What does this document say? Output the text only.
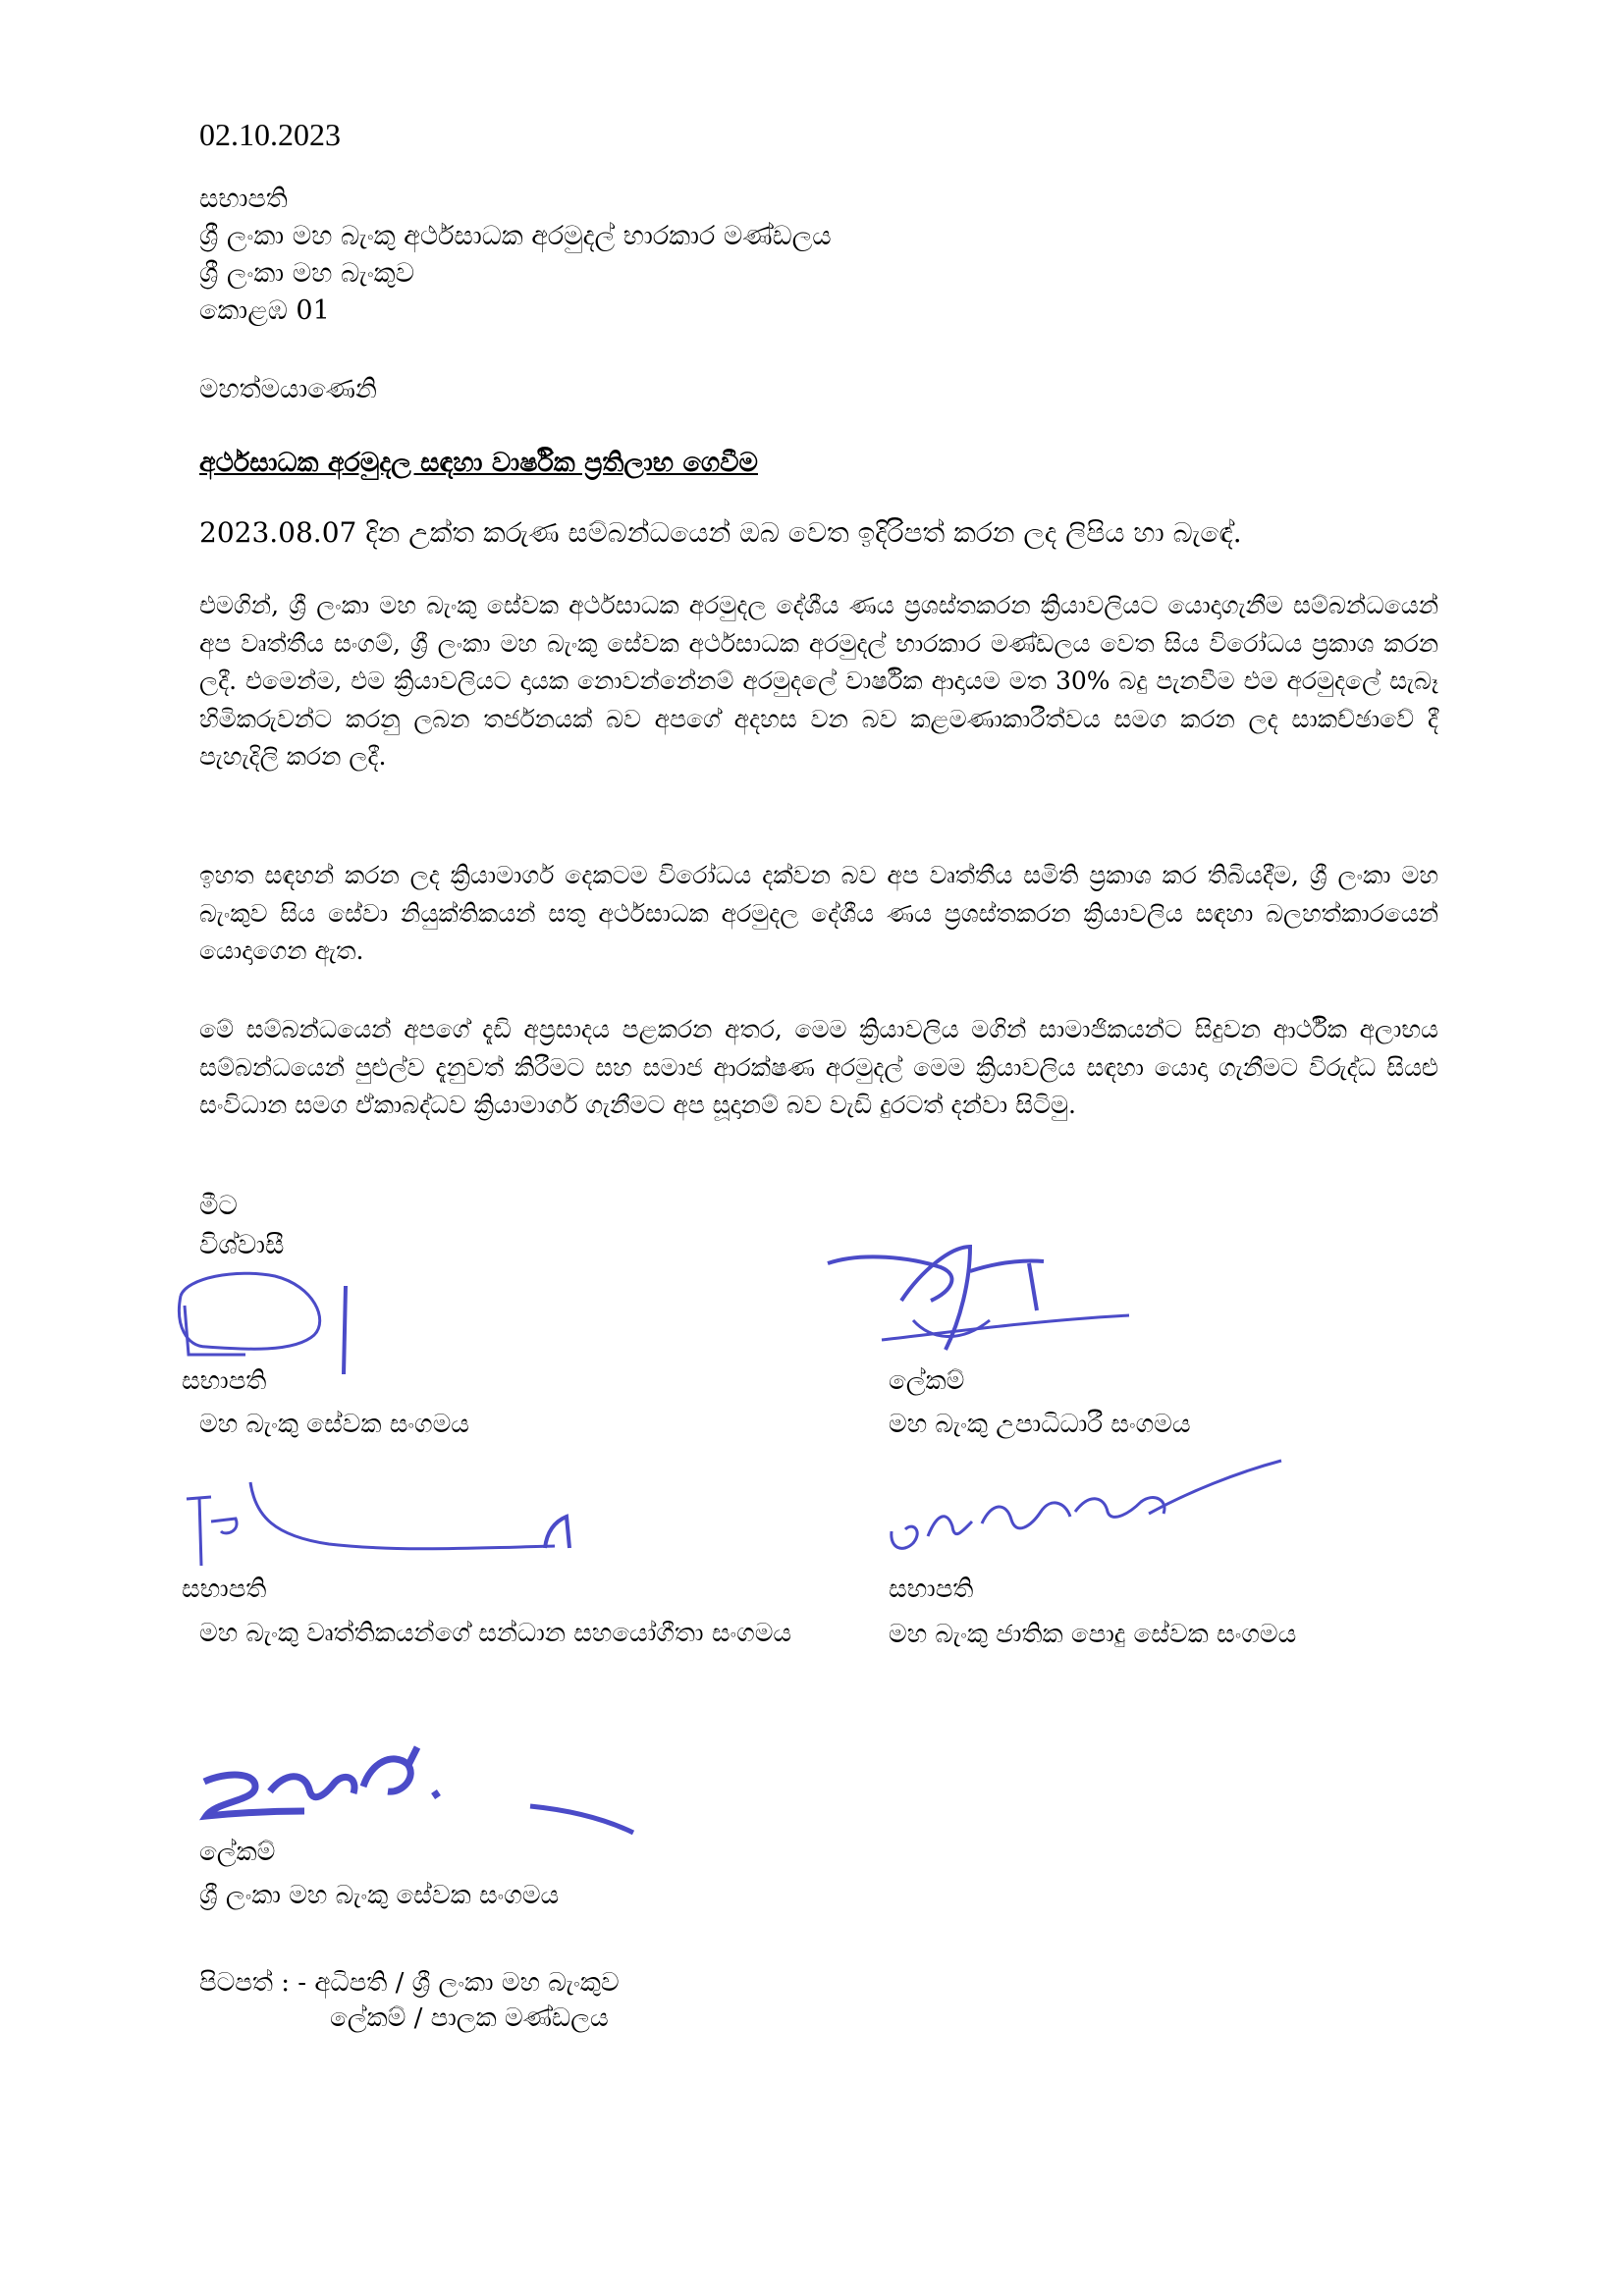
02.10.2023
සභාපති
ශ්‍රී ලංකා මහ බැංකු අර්ථසාධක අරමුදල් භාරකාර මණ්ඩලය
ශ්‍රී ලංකා මහ බැංකුව
කොළඹ 01
මහත්මයාණෙනි
අර්ථසාධක අරමුදල සඳහා වාර්ෂික ප්‍රතිලාභ ගෙවීම
2023.08.07 දින උක්ත කරුණ සම්බන්ධයෙන් ඔබ වෙත ඉදිරිපත් කරන ලද ලිපිය හා බැඳේ.
එමගින්, ශ්‍රී ලංකා මහ බැංකු සේවක අර්ථසාධක අරමුදල දේශීය ණය ප්‍රශස්තකරන ක්‍රියාවලියට යොදාගැනීම සම්බන්ධයෙන් අප වෘත්තීය සංගම්, ශ්‍රී ලංකා මහ බැංකු සේවක අර්ථසාධක අරමුදල් භාරකාර මණ්ඩලය වෙත සිය විරෝධය ප්‍රකාශ කරන ලදී. එමෙන්ම, එම ක්‍රියාවලියට දායක නොවන්නේනම් අරමුදලේ වාර්ෂික ආදායම මත 30% බදු පැනවීම එම අරමුදලේ සැබෑ හිමිකරුවන්ට කරනු ලබන තර්ජනයක් බව අපගේ අදහස වන බව කළමණාකාරීත්වය සමග කරන ලද සාකච්ඡාවේ දී පැහැදිලි කරන ලදී.
ඉහත සඳහන් කරන ලද ක්‍රියාමාර්ග දෙකටම විරෝධය දක්වන බව අප වෘත්තීය සමිති ප්‍රකාශ කර තිබියදීම, ශ්‍රී ලංකා මහ බැංකුව සිය සේවා නියුක්තිකයන් සතු අර්ථසාධක අරමුදල දේශීය ණය ප්‍රශස්තකරන ක්‍රියාවලිය සඳහා බලහත්කාරයෙන් යොදාගෙන ඇත.
මේ සම්බන්ධයෙන් අපගේ දැඩි අප්‍රසාදය පළකරන අතර, මෙම ක්‍රියාවලිය මගින් සාමාජිකයන්ට සිදුවන ආර්ථික අලාභය සම්බන්ධයෙන් පුළුල්ව දැනුවත් කිරීමට සහ සමාජ ආරක්ෂණ අරමුදල් මෙම ක්‍රියාවලිය සඳහා යොදා ගැනීමට විරුද්ධ සියළු සංවිධාන සමග ඒකාබද්ධව ක්‍රියාමාර්ග ගැනීමට අප සූදානම් බව වැඩි දුරටත් දන්වා සිටිමු.
මීට
විශ්වාසී
සභාපති
මහ බැංකු සේවක සංගමය
ලේකම්
මහ බැංකු උපාධිධාරී සංගමය
සභාපති
මහ බැංකු වෘත්තිකයන්ගේ සන්ධාන සහයෝගීතා සංගමය
සභාපති
මහ බැංකු ජාතික පොදු සේවක සංගමය
ලේකම්
ශ්‍රී ලංකා මහ බැංකු සේවක සංගමය
පිටපත් : - අධිපති / ශ්‍රී ලංකා මහ බැංකුව
ලේකම් / පාලක මණ්ඩලය
